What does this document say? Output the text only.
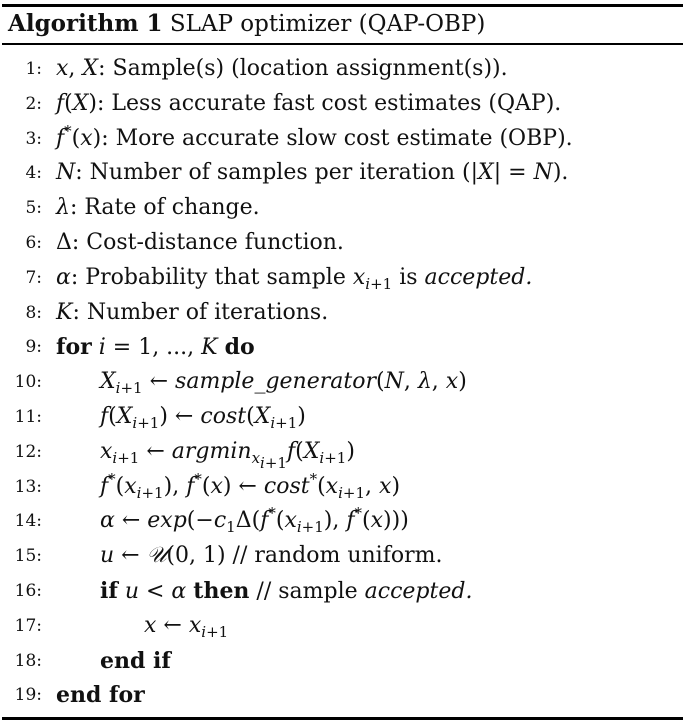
Algorithm 1 SLAP optimizer (QAP-OBP)
1: x, X: Sample(s) (location assignment(s)).
2: f(X): Less accurate fast cost estimates (QAP).
3: f*(x): More accurate slow cost estimate (OBP).
4: N: Number of samples per iteration (|X| = N).
5: λ: Rate of change.
6: Δ: Cost-distance function.
7: α: Probability that sample $x_{i+1}$ is accepted.
8: K: Number of iterations.
9: for i = 1, ..., K do
10:	$X_{i+1}$ ← sample_generator(N, λ, x)
11:	$f(X_{i+1})$ ← $\cos t(X_{i+1})$
12:	$x_{i+1}$ ← $argmin_{x_{i+1}}f(X_{i+1})$
13:	$f^*(x_{i+1})$, f*(x) ← $\cos t^*(x_{i+1}$, x)
14:	α ← $\exp(-c_1\Delta(f^*(x_{i+1})$, f*(x)))
15:	u ← 𝒰(0, 1) // random uniform.
16:	if u < α then // sample accepted.
17:	x ← $x_{i+1}$
18:	end if
19: end for
